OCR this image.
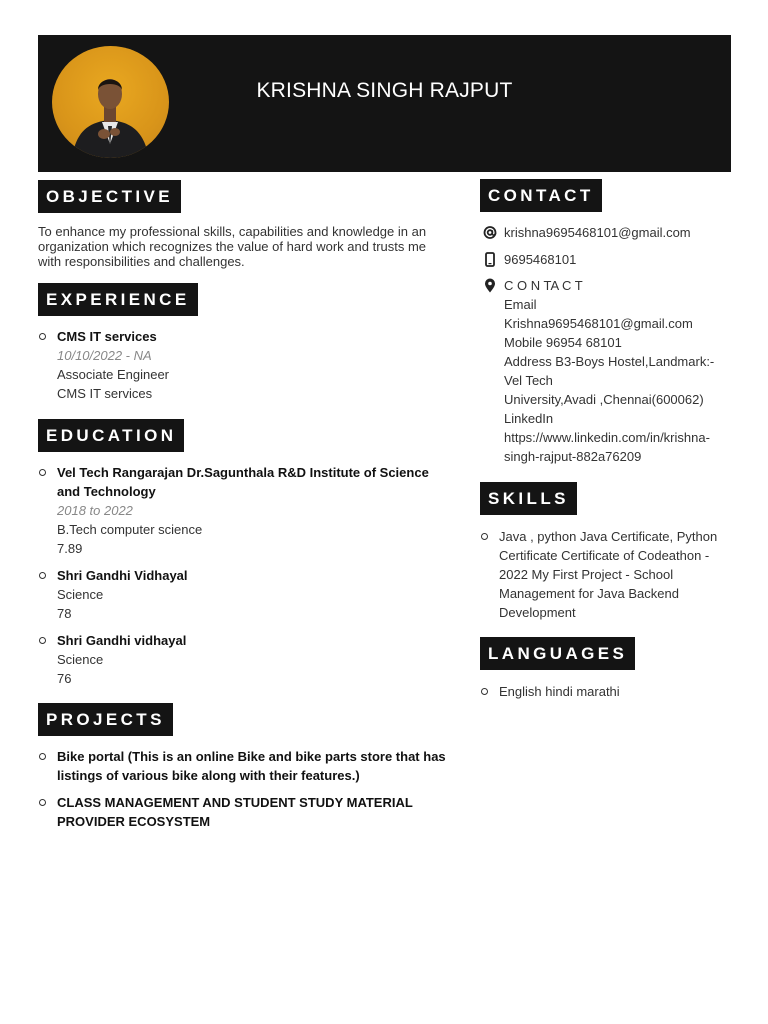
KRISHNA SINGH RAJPUT
OBJECTIVE
To enhance my professional skills, capabilities and knowledge in an organization which recognizes the value of hard work and trusts me with responsibilities and challenges.
EXPERIENCE
CMS IT services
10/10/2022 - NA
Associate Engineer
CMS IT services
EDUCATION
Vel Tech Rangarajan Dr.Sagunthala R&D Institute of Science and Technology
2018 to 2022
B.Tech computer science
7.89
Shri Gandhi Vidhayal
Science
78
Shri Gandhi vidhayal
Science
76
PROJECTS
Bike portal (This is an online Bike and bike parts store that has listings of various bike along with their features.)
CLASS MANAGEMENT AND STUDENT STUDY MATERIAL PROVIDER ECOSYSTEM
CONTACT
krishna9695468101@gmail.com
9695468101
C O N TA C T
Email
Krishna9695468101@gmail.com
Mobile 96954 68101
Address B3-Boys Hostel,Landmark:-
Vel Tech
University,Avadi ,Chennai(600062)
LinkedIn
https://www.linkedin.com/in/krishna-
singh-rajput-882a76209
SKILLS
Java , python Java Certificate, Python Certificate Certificate of Codeathon - 2022 My First Project - School Management for Java Backend Development
LANGUAGES
English hindi marathi
